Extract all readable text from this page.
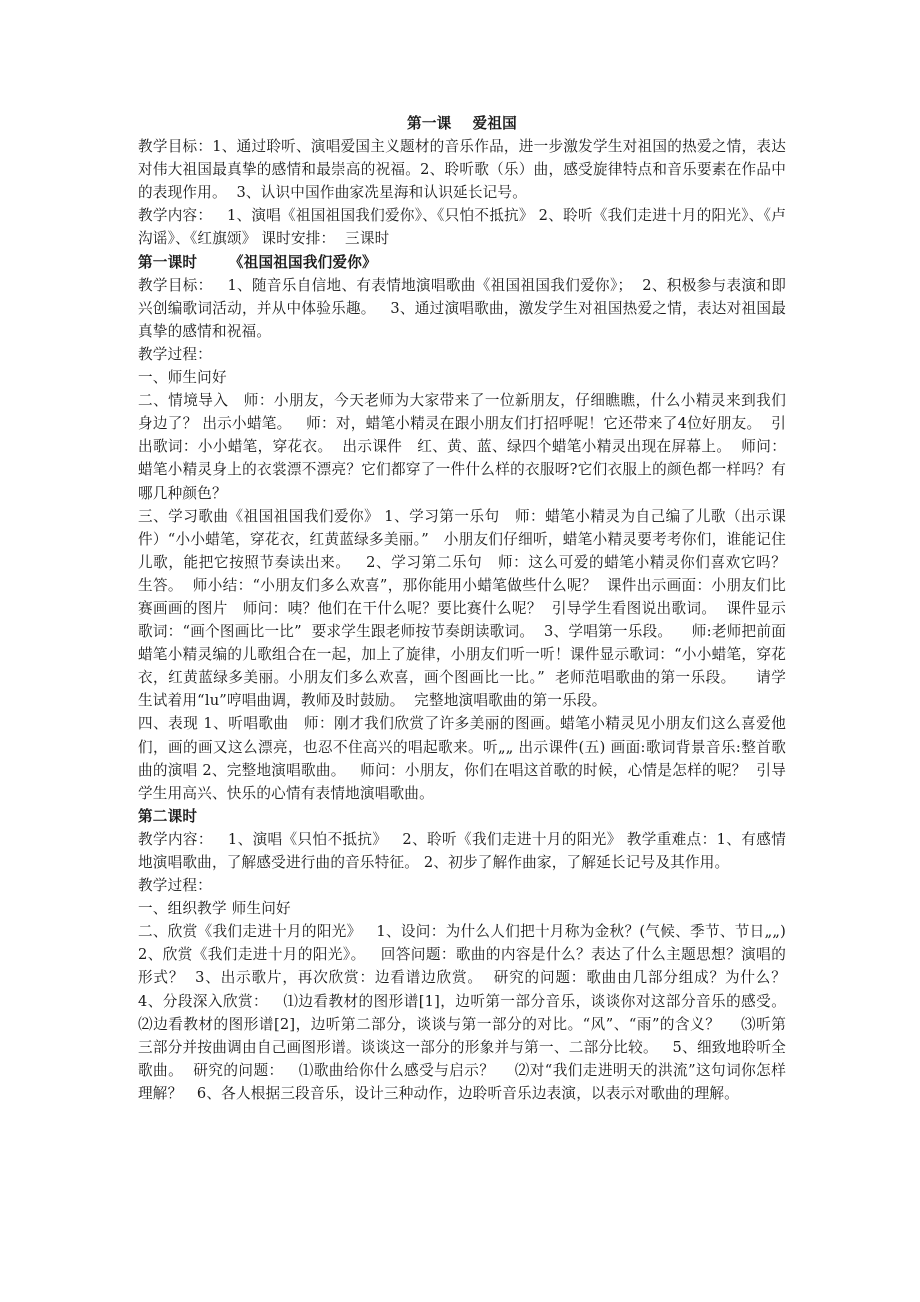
第一课    爱祖国

教学目标：1、通过聆听、演唱爱国主义题材的音乐作品，进一步激发学生对祖国的热爱之情，表达对伟大祖国最真挚的感情和最崇高的祝福。2、聆听歌（乐）曲，感受旋律特点和音乐要素在作品中的表现作用。  3、认识中国作曲家冼星海和认识延长记号。

教学内容：   1、演唱《祖国祖国我们爱你》、《只怕不抵抗》 2、聆听《我们走进十月的阳光》、《卢沟谣》、《红旗颂》 课时安排：  三课时

第一课时      《祖国祖国我们爱你》

教学目标：   1、随音乐自信地、有表情地演唱歌曲《祖国祖国我们爱你》；  2、积极参与表演和即兴创编歌词活动，并从中体验乐趣。   3、通过演唱歌曲，激发学生对祖国热爱之情，表达对祖国最真挚的感情和祝福。

教学过程：

一、师生问好

二、情境导入   师：小朋友，今天老师为大家带来了一位新朋友，仔细瞧瞧，什么小精灵来到我们身边了？ 出示小蜡笔。   师：对，蜡笔小精灵在跟小朋友们打招呼呢！它还带来了4位好朋友。  引出歌词：小小蜡笔，穿花衣。  出示课件   红、黄、蓝、绿四个蜡笔小精灵出现在屏幕上。  师问：蜡笔小精灵身上的衣裳漂不漂亮？它们都穿了一件什么样的衣服呀?它们衣服上的颜色都一样吗？有哪几种颜色？

三、学习歌曲《祖国祖国我们爱你》 1、学习第一乐句   师：蜡笔小精灵为自己编了儿歌（出示课件）“小小蜡笔，穿花衣，红黄蓝绿多美丽。”   小朋友们仔细听，蜡笔小精灵要考考你们，谁能记住儿歌，能把它按照节奏读出来。   2、学习第二乐句   师：这么可爱的蜡笔小精灵你们喜欢它吗？  生答。  师小结：“小朋友们多么欢喜”，那你能用小蜡笔做些什么呢？  课件出示画面：小朋友们比赛画画的图片   师问：咦？他们在干什么呢？要比赛什么呢？  引导学生看图说出歌词。  课件显示歌词：“画个图画比一比”  要求学生跟老师按节奏朗读歌词。  3、学唱第一乐段。    师:老师把前面蜡笔小精灵编的儿歌组合在一起，加上了旋律，小朋友们听一听！课件显示歌词：“小小蜡笔，穿花衣，红黄蓝绿多美丽。小朋友们多么欢喜，画个图画比一比。”  老师范唱歌曲的第一乐段。    请学生试着用“lu”哼唱曲调，教师及时鼓励。  完整地演唱歌曲的第一乐段。

四、表现 1、听唱歌曲   师：刚才我们欣赏了许多美丽的图画。蜡笔小精灵见小朋友们这么喜爱他们，画的画又这么漂亮，也忍不住高兴的唱起歌来。听„„ 出示课件(五) 画面:歌词背景音乐:整首歌曲的演唱 2、完整地演唱歌曲。   师问：小朋友，你们在唱这首歌的时候，心情是怎样的呢？  引导学生用高兴、快乐的心情有表情地演唱歌曲。

第二课时

教学内容：   1、演唱《只怕不抵抗》   2、聆听《我们走进十月的阳光》 教学重难点：1、有感情地演唱歌曲，了解感受进行曲的音乐特征。 2、初步了解作曲家，了解延长记号及其作用。

教学过程：

一、组织教学 师生问好

二、欣赏《我们走进十月的阳光》   1、设问：为什么人们把十月称为金秋？(气候、季节、节日„„) 2、欣赏《我们走进十月的阳光》。   回答问题：歌曲的内容是什么？表达了什么主题思想？演唱的形式？  3、出示歌片，再次欣赏：边看谱边欣赏。  研究的问题：歌曲由几部分组成？为什么？  4、分段深入欣赏：   ⑴边看教材的图形谱[1]，边听第一部分音乐，谈谈你对这部分音乐的感受。  ⑵边看教材的图形谱[2]，边听第二部分，谈谈与第一部分的对比。“风”、“雨”的含义？    ⑶听第三部分并按曲调由自己画图形谱。谈谈这一部分的形象并与第一、二部分比较。   5、细致地聆听全歌曲。  研究的问题：   ⑴歌曲给你什么感受与启示？    ⑵对“我们走进明天的洪流”这句词你怎样理解？   6、各人根据三段音乐，设计三种动作，边聆听音乐边表演，以表示对歌曲的理解。
